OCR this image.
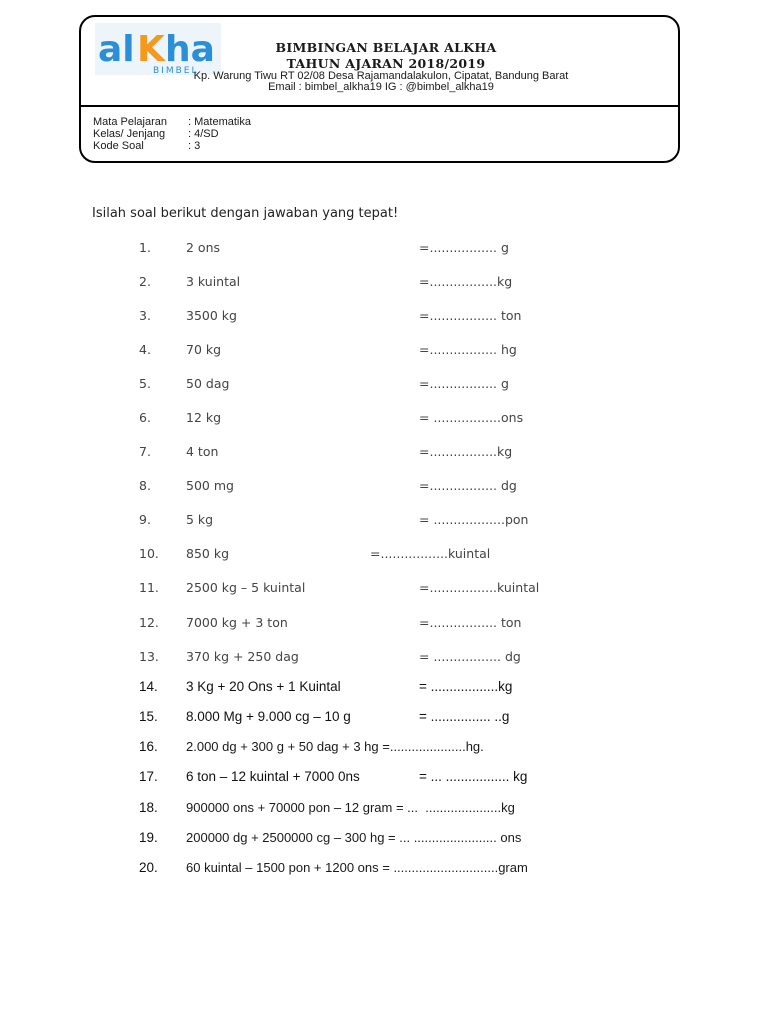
al K ha
BIMBEL
BIMBINGAN BELAJAR ALKHA
TAHUN AJARAN 2018/2019
Kp. Warung Tiwu RT 02/08 Desa Rajamandalakulon, Cipatat, Bandung Barat
Email : bimbel_alkha19 IG : @bimbel_alkha19
Mata Pelajaran : Matematika
Kelas/ Jenjang : 4/SD
Kode Soal	: 3
Isilah soal berikut dengan jawaban yang tepat!
1.	2 ons	=................. g
2.	3 kuintal	=.................kg
3.	3500 kg	=................. ton
4.	70 kg	=................. hg
5.	50 dag	=................. g
6.	12 kg	= .................ons
7.	4 ton	=.................kg
8.	500 mg	=................. dg
9.	5 kg	= ..................pon
10. 850 kg	=.................kuintal
11. 2500 kg – 5 kuintal	=.................kuintal
12. 7000 kg + 3 ton	=................. ton
13. 370 kg + 250 dag	= ................. dg
14. 3 Kg + 20 Ons + 1 Kuintal	= ..................kg
15. 8.000 Mg + 9.000 cg – 10 g	= ................ ..g
16. 2.000 dg + 300 g + 50 dag + 3 hg =.....................hg.
17. 6 ton – 12 kuintal + 7000 0ns	= ... ................. kg
18. 900000 ons + 70000 pon – 12 gram = ...  .....................kg
19. 200000 dg + 2500000 cg – 300 hg = ... ....................... ons
20. 60 kuintal – 1500 pon + 1200 ons = .............................gram
